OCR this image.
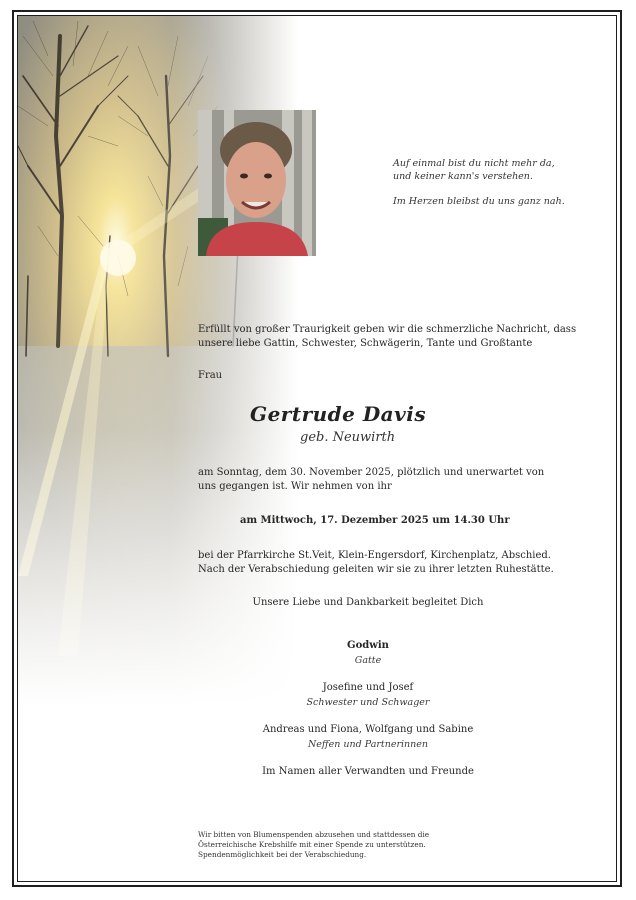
Auf einmal bist du nicht mehr da,

und keiner kann's verstehen.

Im Herzen bleibst du uns ganz nah.

Erfüllt von großer Traurigkeit geben wir die schmerzliche Nachricht, dass
unsere liebe Gattin, Schwester, Schwägerin, Tante und Großtante
Frau
Gertrude Davis
geb. Neuwirth
am Sonntag, dem 30. November 2025, plötzlich und unerwartet von
uns gegangen ist. Wir nehmen von ihr
am Mittwoch, 17. Dezember 2025 um 14.30 Uhr
bei der Pfarrkirche St.Veit, Klein-Engersdorf, Kirchenplatz, Abschied.
Nach der Verabschiedung geleiten wir sie zu ihrer letzten Ruhestätte.
Unsere Liebe und Dankbarkeit begleitet Dich
Godwin
Gatte
Josefine und Josef
Schwester und Schwager
Andreas und Fiona, Wolfgang und Sabine
Neffen und Partnerinnen
Im Namen aller Verwandten und Freunde

Wir bitten von Blumenspenden abzusehen und stattdessen die

Österreichische Krebshilfe mit einer Spende zu unterstützen.

Spendenmöglichkeit bei der Verabschiedung.
